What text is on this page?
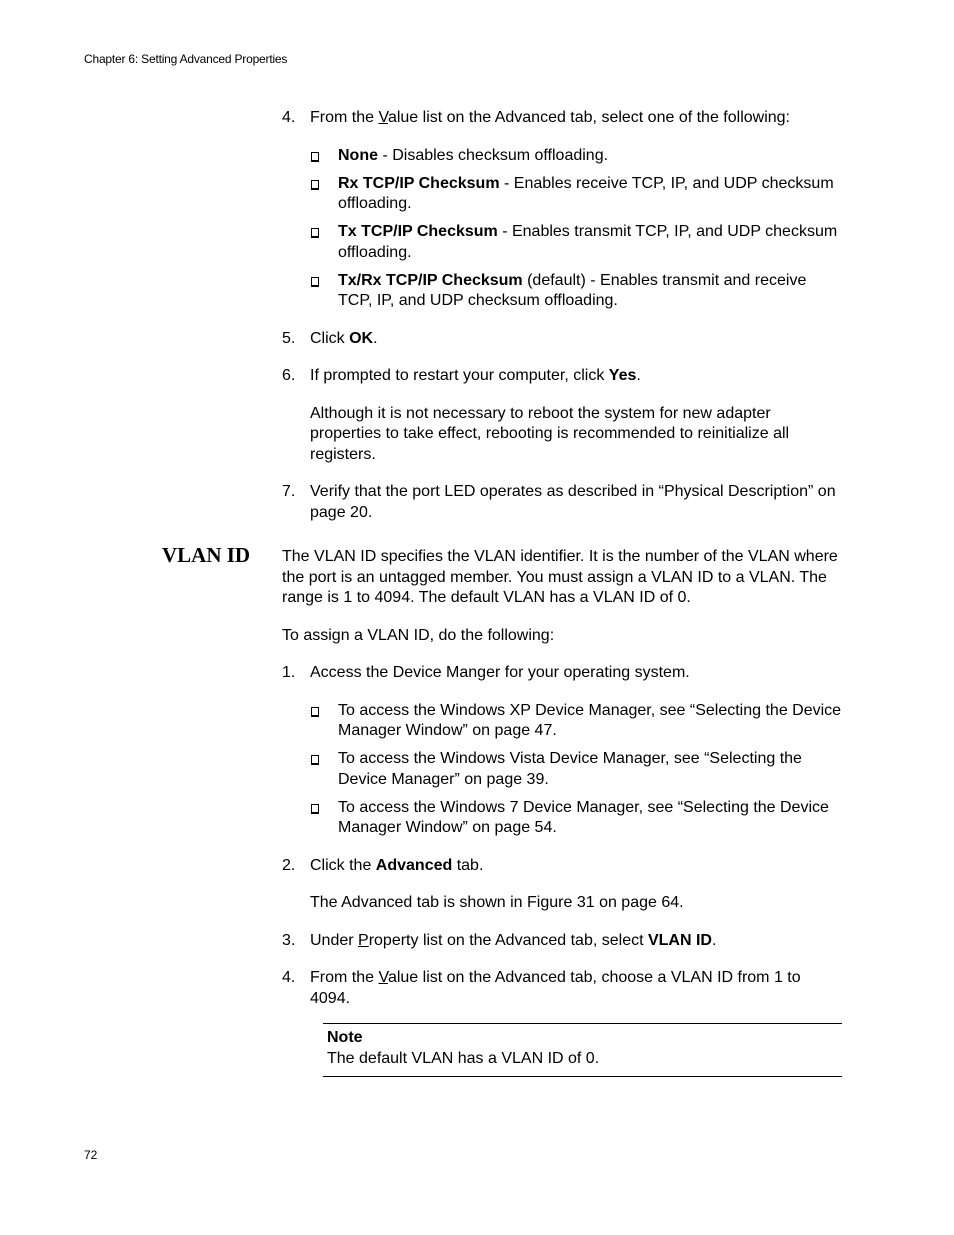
Chapter 6: Setting Advanced Properties
VLAN ID
4. From the Value list on the Advanced tab, select one of the following:
None - Disables checksum offloading.
Rx TCP/IP Checksum - Enables receive TCP, IP, and UDP checksum offloading.
Tx TCP/IP Checksum - Enables transmit TCP, IP, and UDP checksum offloading.
Tx/Rx TCP/IP Checksum (default) - Enables transmit and receive TCP, IP, and UDP checksum offloading.
5. Click OK.
6. If prompted to restart your computer, click Yes.
Although it is not necessary to reboot the system for new adapter properties to take effect, rebooting is recommended to reinitialize all registers.
7. Verify that the port LED operates as described in “Physical Description” on page 20.
The VLAN ID specifies the VLAN identifier. It is the number of the VLAN where the port is an untagged member. You must assign a VLAN ID to a VLAN. The range is 1 to 4094. The default VLAN has a VLAN ID of 0.
To assign a VLAN ID, do the following:
1. Access the Device Manger for your operating system.
To access the Windows XP Device Manager, see “Selecting the Device Manager Window” on page 47.
To access the Windows Vista Device Manager, see “Selecting the Device Manager” on page 39.
To access the Windows 7 Device Manager, see “Selecting the Device Manager Window” on page 54.
2. Click the Advanced tab.
The Advanced tab is shown in Figure 31 on page 64.
3. Under Property list on the Advanced tab, select VLAN ID.
4. From the Value list on the Advanced tab, choose a VLAN ID from 1 to 4094.
Note
The default VLAN has a VLAN ID of 0.
72
